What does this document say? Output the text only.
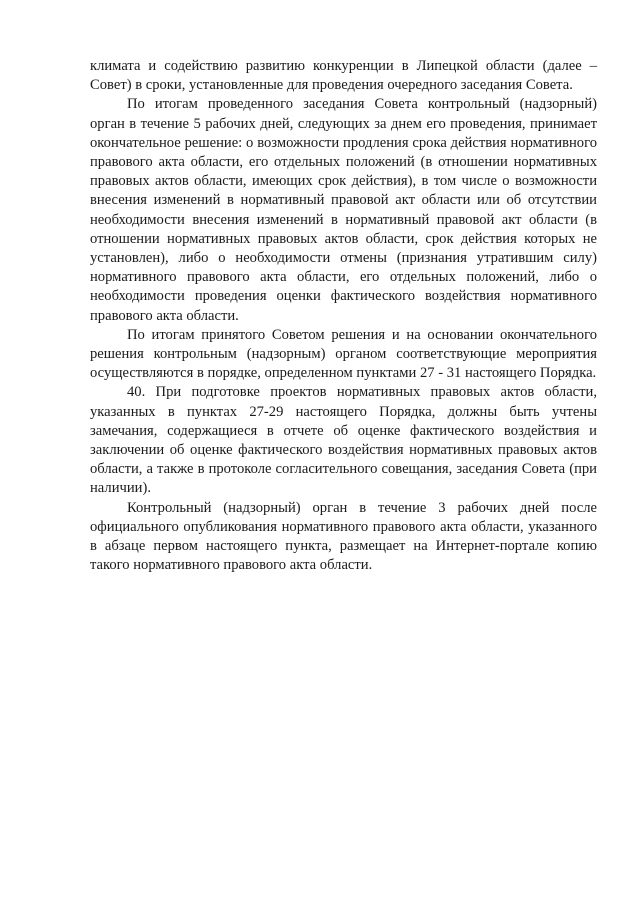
климата и содействию развитию конкуренции в Липецкой области (далее – Совет) в сроки, установленные для проведения очередного заседания Совета.

По итогам проведенного заседания Совета контрольный (надзорный) орган в течение 5 рабочих дней, следующих за днем его проведения, принимает окончательное решение: о возможности продления срока действия нормативного правового акта области, его отдельных положений (в отношении нормативных правовых актов области, имеющих срок действия), в том числе о возможности внесения изменений в нормативный правовой акт области или об отсутствии необходимости внесения изменений в нормативный правовой акт области (в отношении нормативных правовых актов области, срок действия которых не установлен), либо о необходимости отмены (признания утратившим силу) нормативного правового акта области, его отдельных положений, либо о необходимости проведения оценки фактического воздействия нормативного правового акта области.

По итогам принятого Советом решения и на основании окончательного решения контрольным (надзорным) органом соответствующие мероприятия осуществляются в порядке, определенном пунктами 27 - 31 настоящего Порядка.

40. При подготовке проектов нормативных правовых актов области, указанных в пунктах 27-29 настоящего Порядка, должны быть учтены замечания, содержащиеся в отчете об оценке фактического воздействия и заключении об оценке фактического воздействия нормативных правовых актов области, а также в протоколе согласительного совещания, заседания Совета (при наличии).

Контрольный (надзорный) орган в течение 3 рабочих дней после официального опубликования нормативного правового акта области, указанного в абзаце первом настоящего пункта, размещает на Интернет-портале копию такого нормативного правового акта области.
